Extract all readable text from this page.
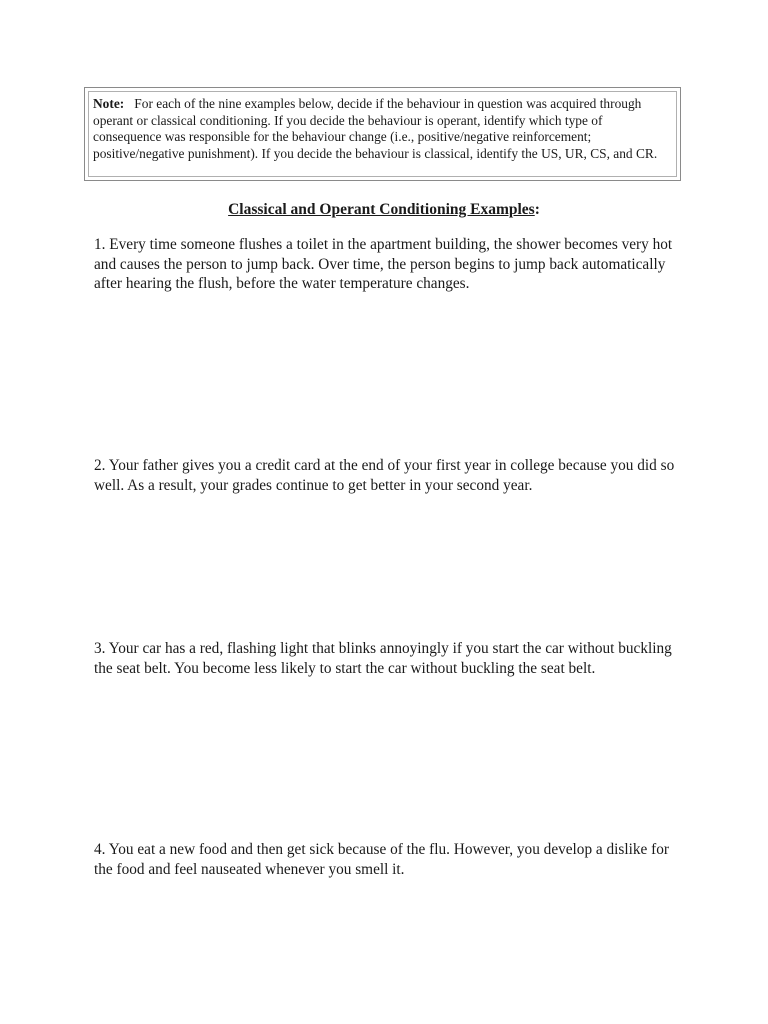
Note: For each of the nine examples below, decide if the behaviour in question was acquired through operant or classical conditioning. If you decide the behaviour is operant, identify which type of consequence was responsible for the behaviour change (i.e., positive/negative reinforcement; positive/negative punishment). If you decide the behaviour is classical, identify the US, UR, CS, and CR.
Classical and Operant Conditioning Examples:
1. Every time someone flushes a toilet in the apartment building, the shower becomes very hot and causes the person to jump back. Over time, the person begins to jump back automatically after hearing the flush, before the water temperature changes.
2. Your father gives you a credit card at the end of your first year in college because you did so well. As a result, your grades continue to get better in your second year.
3. Your car has a red, flashing light that blinks annoyingly if you start the car without buckling the seat belt. You become less likely to start the car without buckling the seat belt.
4. You eat a new food and then get sick because of the flu. However, you develop a dislike for the food and feel nauseated whenever you smell it.
